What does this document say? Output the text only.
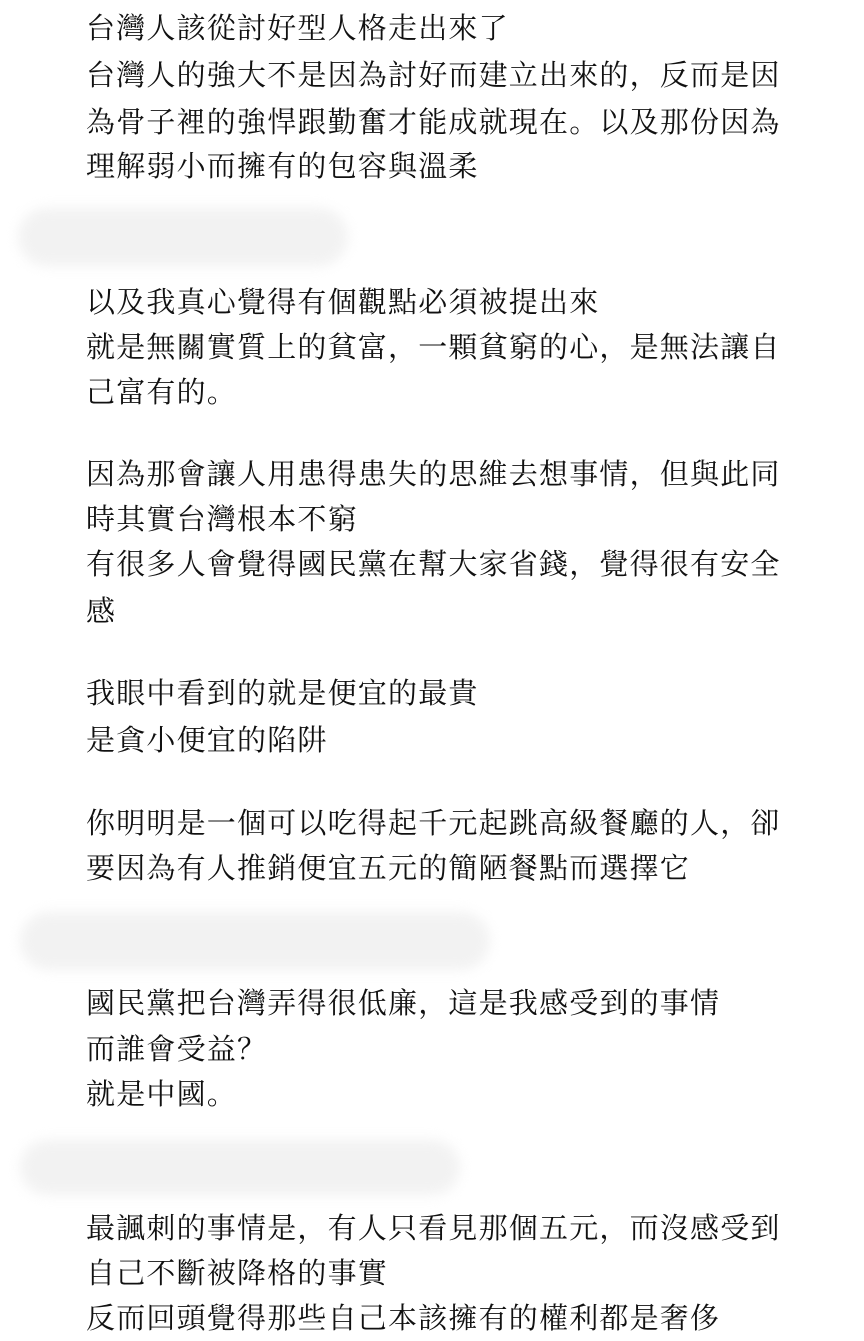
台灣人該從討好型人格走出來了
台灣人的強大不是因為討好而建立出來的，反而是因
為骨子裡的強悍跟勤奮才能成就現在。以及那份因為
理解弱小而擁有的包容與溫柔
以及我真心覺得有個觀點必須被提出來
就是無關實質上的貧富，一顆貧窮的心，是無法讓自
己富有的。
因為那會讓人用患得患失的思維去想事情，但與此同
時其實台灣根本不窮
有很多人會覺得國民黨在幫大家省錢，覺得很有安全
感
我眼中看到的就是便宜的最貴
是貪小便宜的陷阱
你明明是一個可以吃得起千元起跳高級餐廳的人，卻
要因為有人推銷便宜五元的簡陋餐點而選擇它
國民黨把台灣弄得很低廉，這是我感受到的事情
而誰會受益？
就是中國。
最諷刺的事情是，有人只看見那個五元，而沒感受到
自己不斷被降格的事實
反而回頭覺得那些自己本該擁有的權利都是奢侈
